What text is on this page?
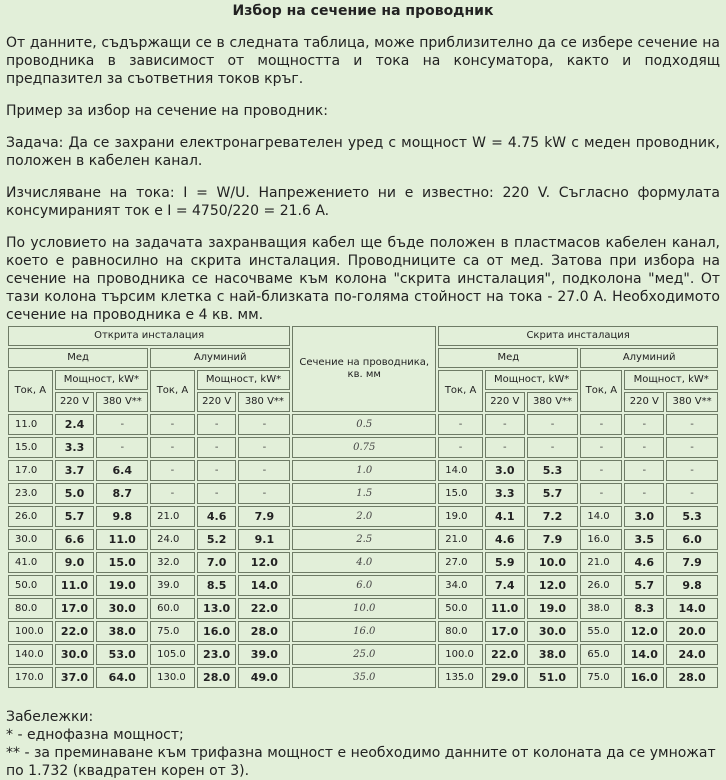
Избор на сечение на проводник

От данните, съдържащи се в следната таблица, може приблизително да се избере сечение на проводника в зависимост от мощността и тока на консуматора, както и подходящ предпазител за съответния токов кръг.

Пример за избор на сечение на проводник:

Задача: Да се захрани електронагревателен уред с мощност W = 4.75 kW с меден проводник, положен в кабелен канал.

Изчисляване на тока: I = W/U. Напрежението ни е известно: 220 V. Съгласно формулата консумираният ток е I = 4750/220 = 21.6 A.

По условието на задачата захранващия кабел ще бъде положен в пластмасов кабелен канал, което е равносилно на скрита инсталация. Проводниците са от мед. Затова при избора на сечение на проводника се насочваме към колона "скрита инсталация", подколона "мед". От тази колона търсим клетка с най-близката по-голяма стойност на тока - 27.0 A. Необходимото сечение на проводника е 4 кв. мм.

Открита инсталация						Сечение на проводника, кв. мм	Скрита инсталация					
Мед			Алуминий				Мед			Алуминий		
Ток, A	Мощност, kW*		Ток, A	Мощност, kW*			Ток, A	Мощност, kW*		Ток, A	Мощност, kW*	
	220 V	380 V**		220 V	380 V**			220 V	380 V**		220 V	380 V**
11.0	2.4	-	-	-	-	0.5	-	-	-	-	-	-
15.0	3.3	-	-	-	-	0.75	-	-	-	-	-	-
17.0	3.7	6.4	-	-	-	1.0	14.0	3.0	5.3	-	-	-
23.0	5.0	8.7	-	-	-	1.5	15.0	3.3	5.7	-	-	-
26.0	5.7	9.8	21.0	4.6	7.9	2.0	19.0	4.1	7.2	14.0	3.0	5.3
30.0	6.6	11.0	24.0	5.2	9.1	2.5	21.0	4.6	7.9	16.0	3.5	6.0
41.0	9.0	15.0	32.0	7.0	12.0	4.0	27.0	5.9	10.0	21.0	4.6	7.9
50.0	11.0	19.0	39.0	8.5	14.0	6.0	34.0	7.4	12.0	26.0	5.7	9.8
80.0	17.0	30.0	60.0	13.0	22.0	10.0	50.0	11.0	19.0	38.0	8.3	14.0
100.0	22.0	38.0	75.0	16.0	28.0	16.0	80.0	17.0	30.0	55.0	12.0	20.0
140.0	30.0	53.0	105.0	23.0	39.0	25.0	100.0	22.0	38.0	65.0	14.0	24.0
170.0	37.0	64.0	130.0	28.0	49.0	35.0	135.0	29.0	51.0	75.0	16.0	28.0
Забележки:
* - еднофазна мощност;
** - за преминаване към трифазна мощност е необходимо данните от колоната да се умножат по 1.732 (квадратен корен от 3).
